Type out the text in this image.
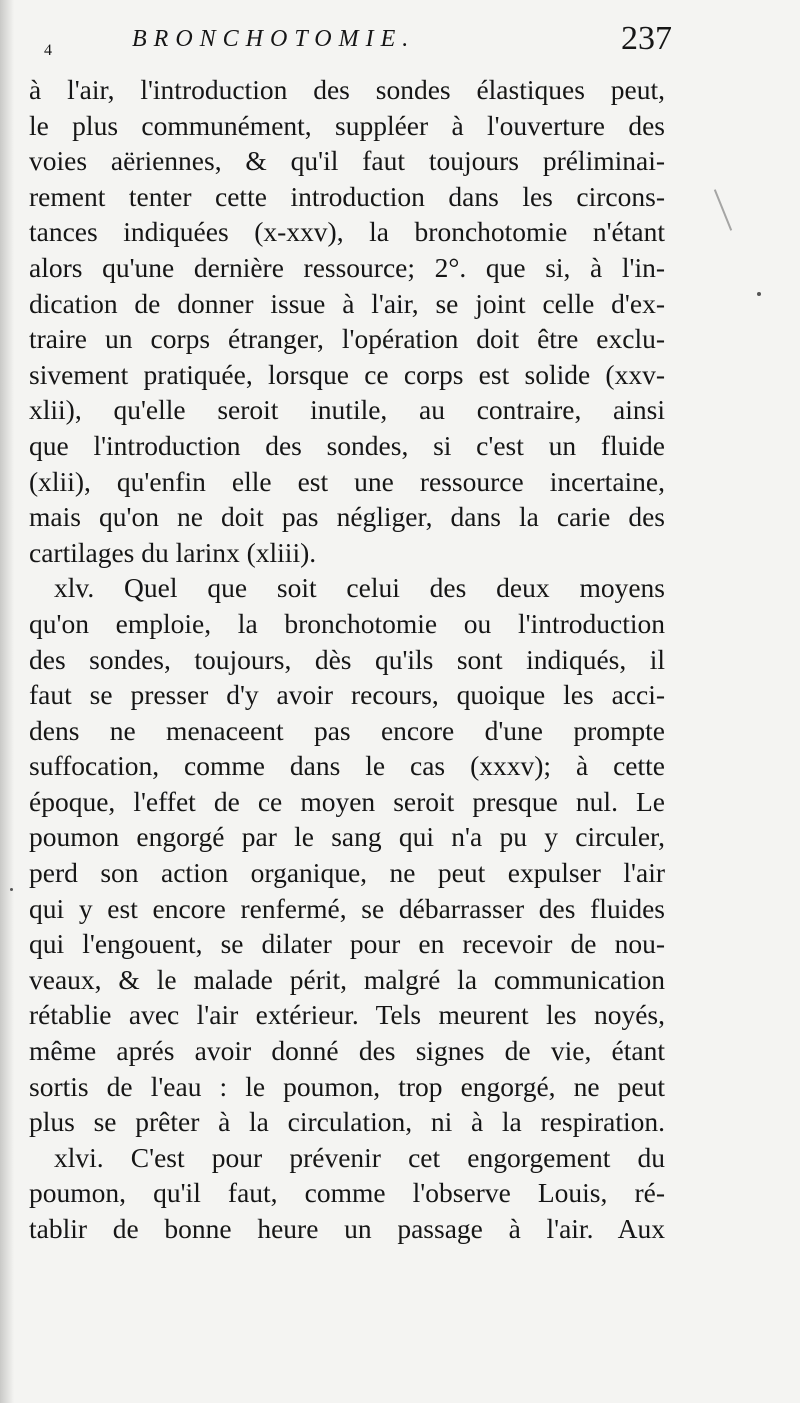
4	BRONCHOTOMIE.	237
à l'air, l'introduction des sondes élastiques peut,
le plus communément, suppléer à l'ouverture des
voies aëriennes, & qu'il faut toujours préliminai-
rement tenter cette introduction dans les circons-
tances indiquées (x-xxv), la bronchotomie n'étant
alors qu'une dernière ressource; 2°. que si, à l'in-
dication de donner issue à l'air, se joint celle d'ex-
traire un corps étranger, l'opération doit être exclu-
sivement pratiquée, lorsque ce corps est solide (xxv-
xlii), qu'elle seroit inutile, au contraire, ainsi
que l'introduction des sondes, si c'est un fluide
(xlii), qu'enfin elle est une ressource incertaine,
mais qu'on ne doit pas négliger, dans la carie des
cartilages du larinx (xliii).
xlv. Quel que soit celui des deux moyens
qu'on emploie, la bronchotomie ou l'introduction
des sondes, toujours, dès qu'ils sont indiqués, il
faut se presser d'y avoir recours, quoique les acci-
dens ne menaceent pas encore d'une prompte
suffocation, comme dans le cas (xxxv); à cette
époque, l'effet de ce moyen seroit presque nul. Le
poumon engorgé par le sang qui n'a pu y circuler,
perd son action organique, ne peut expulser l'air
qui y est encore renfermé, se débarrasser des fluides
qui l'engouent, se dilater pour en recevoir de nou-
veaux, & le malade périt, malgré la communication
rétablie avec l'air extérieur. Tels meurent les noyés,
même aprés avoir donné des signes de vie, étant
sortis de l'eau : le poumon, trop engorgé, ne peut
plus se prêter à la circulation, ni à la respiration.
xlvi. C'est pour prévenir cet engorgement du
poumon, qu'il faut, comme l'observe Louis, ré-
tablir de bonne heure un passage à l'air. Aux
